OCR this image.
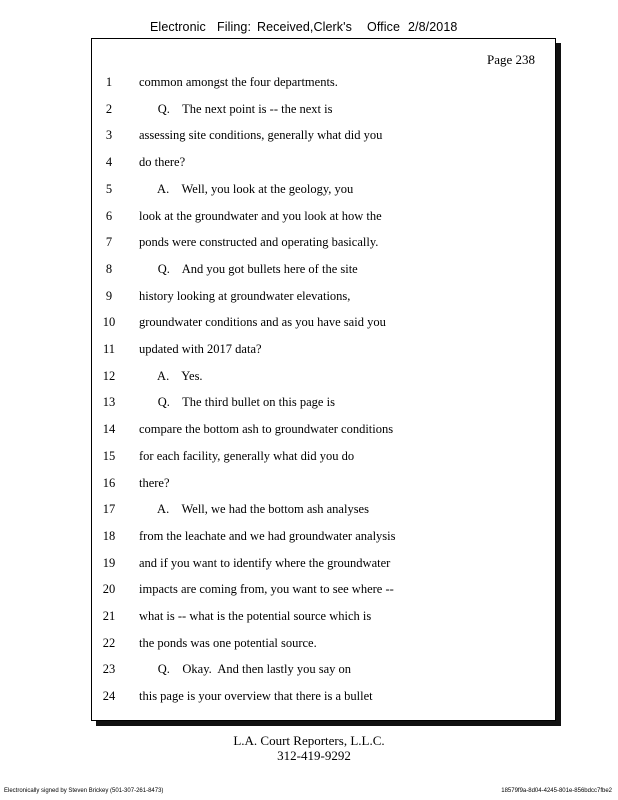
Electronic Filing: Received,Clerk's Office 2/8/2018
Page 238
1	common amongst the four departments.
2	Q.    The next point is -- the next is
3	assessing site conditions, generally what did you
4	do there?
5	A.    Well, you look at the geology, you
6	look at the groundwater and you look at how the
7	ponds were constructed and operating basically.
8	Q.    And you got bullets here of the site
9	history looking at groundwater elevations,
10	groundwater conditions and as you have said you
11	updated with 2017 data?
12	A.    Yes.
13	Q.    The third bullet on this page is
14	compare the bottom ash to groundwater conditions
15	for each facility, generally what did you do
16	there?
17	A.    Well, we had the bottom ash analyses
18	from the leachate and we had groundwater analysis
19	and if you want to identify where the groundwater
20	impacts are coming from, you want to see where --
21	what is -- what is the potential source which is
22	the ponds was one potential source.
23	Q.    Okay.  And then lastly you say on
24	this page is your overview that there is a bullet
L.A. Court Reporters, L.L.C.
312-419-9292
Electronically signed by Steven Brickey (501-307-261-8473)	18579f9a-8d04-4245-801e-856bdcc7fbe2
